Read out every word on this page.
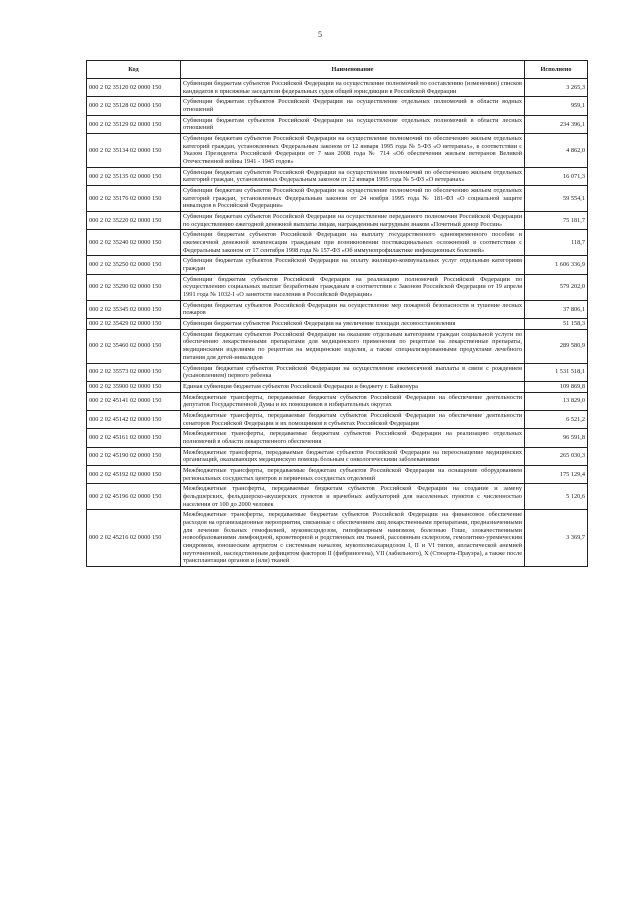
5
Код	Наименование	Исполнено
000 2 02 35120 02 0000 150	Субвенции бюджетам субъектов Российской Федерации на осуществление полномочий по составлению (изменению) списков кандидатов в присяжные заседатели федеральных судов общей юрисдикции в Российской Федерации	3 265,3
000 2 02 35128 02 0000 150	Субвенции бюджетам субъектов Российской Федерации на осуществление отдельных полномочий в области водных отношений	959,1
000 2 02 35129 02 0000 150	Субвенции бюджетам субъектов Российской Федерации на осуществление отдельных полномочий в области лесных отношений	234 396,1
000 2 02 35134 02 0000 150	Субвенции бюджетам субъектов Российской Федерации на осуществление полномочий по обеспечению жильем отдельных категорий граждан, установленных Федеральным законом от 12 января 1995 года № 5-ФЗ «О ветеранах», в соответствии с Указом Президента Российской Федерации от 7 мая 2008 года № 714 «Об обеспечении жильем ветеранов Великой Отечественной войны 1941 - 1945 годов»	4 862,0
000 2 02 35135 02 0000 150	Субвенции бюджетам субъектов Российской Федерации на осуществление полномочий по обеспечению жильем отдельных категорий граждан, установленных Федеральным законом от 12 января 1995 года № 5-ФЗ «О ветеранах»	16 071,3
000 2 02 35176 02 0000 150	Субвенции бюджетам субъектов Российской Федерации на осуществление полномочий по обеспечению жильем отдельных категорий граждан, установленных Федеральным законом от 24 ноября 1995 года № 181-ФЗ «О социальной защите инвалидов в Российской Федерации»	59 554,1
000 2 02 35220 02 0000 150	Субвенции бюджетам субъектов Российской Федерации на осуществление переданного полномочия Российской Федерации по осуществлению ежегодной денежной выплаты лицам, награжденным нагрудным знаком «Почетный донор России»	75 181,7
000 2 02 35240 02 0000 150	Субвенции бюджетам субъектов Российской Федерации на выплату государственного единовременного пособия и ежемесячной денежной компенсации гражданам при возникновении поствакцинальных осложнений в соответствии с Федеральным законом от 17 сентября 1998 года № 157-ФЗ «Об иммунопрофилактике инфекционных болезней»	118,7
000 2 02 35250 02 0000 150	Субвенции бюджетам субъектов Российской Федерации на оплату жилищно-коммунальных услуг отдельным категориям граждан	1 606 336,9
000 2 02 35290 02 0000 150	Субвенции бюджетам субъектов Российской Федерации на реализацию полномочий Российской Федерации по осуществлению социальных выплат безработным гражданам в соответствии с Законом Российской Федерации от 19 апреля 1991 года № 1032-I «О занятости населения в Российской Федерации»	579 202,0
000 2 02 35345 02 0000 150	Субвенции бюджетам субъектов Российской Федерации на осуществление мер пожарной безопасности и тушение лесных пожаров	37 806,1
000 2 02 35429 02 0000 150	Субвенции бюджетам субъектов Российской Федерации на увеличение площади лесовосстановления	51 158,3
000 2 02 35460 02 0000 150	Субвенции бюджетам субъектов Российской Федерации на оказание отдельным категориям граждан социальной услуги по обеспечению лекарственными препаратами для медицинского применения по рецептам на лекарственные препараты, медицинскими изделиями по рецептам на медицинские изделия, а также специализированными продуктами лечебного питания для детей-инвалидов	289 580,9
000 2 02 35573 02 0000 150	Субвенции бюджетам субъектов Российской Федерации на осуществление ежемесячной выплаты в связи с рождением (усыновлением) первого ребенка	1 531 518,1
000 2 02 35900 02 0000 150	Единая субвенция бюджетам субъектов Российской Федерации и бюджету г. Байконура	109 869,8
000 2 02 45141 02 0000 150	Межбюджетные трансферты, передаваемые бюджетам субъектов Российской Федерации на обеспечение деятельности депутатов Государственной Думы и их помощников в избирательных округах	13 829,0
000 2 02 45142 02 0000 150	Межбюджетные трансферты, передаваемые бюджетам субъектов Российской Федерации на обеспечение деятельности сенаторов Российской Федерации и их помощников в субъектах Российской Федерации	6 521,2
000 2 02 45161 02 0000 150	Межбюджетные трансферты, передаваемые бюджетам субъектов Российской Федерации на реализацию отдельных полномочий в области лекарственного обеспечения	96 591,8
000 2 02 45190 02 0000 150	Межбюджетные трансферты, передаваемые бюджетам субъектов Российской Федерации на переоснащение медицинских организаций, оказывающих медицинскую помощь больным с онкологическими заболеваниями	265 030,3
000 2 02 45192 02 0000 150	Межбюджетные трансферты, передаваемые бюджетам субъектов Российской Федерации на оснащение оборудованием региональных сосудистых центров и первичных сосудистых отделений	175 129,4
000 2 02 45196 02 0000 150	Межбюджетные трансферты, передаваемые бюджетам субъектов Российской Федерации на создание и замену фельдшерских, фельдшерско-акушерских пунктов и врачебных амбулаторий для населенных пунктов с численностью населения от 100 до 2000 человек	5 120,6
000 2 02 45216 02 0000 150	Межбюджетные трансферты, передаваемые бюджетам субъектов Российской Федерации на финансовое обеспечение расходов на организационные мероприятия, связанные с обеспечением лиц лекарственными препаратами, предназначенными для лечения больных гемофилией, муковисцидозом, гипофизарным нанизмом, болезнью Гоше, злокачественными новообразованиями лимфоидной, кроветворной и родственных им тканей, рассеянным склерозом, гемолитико-уремическим синдромом, юношеским артритом с системным началом, мукополисахаридозом I, II и VI типов, апластической анемией неуточненной, наследственным дефицитом факторов II (фибриногена), VII (лабильного), X (Стюарта-Прауэра), а также после трансплантации органов и (или) тканей	3 369,7
